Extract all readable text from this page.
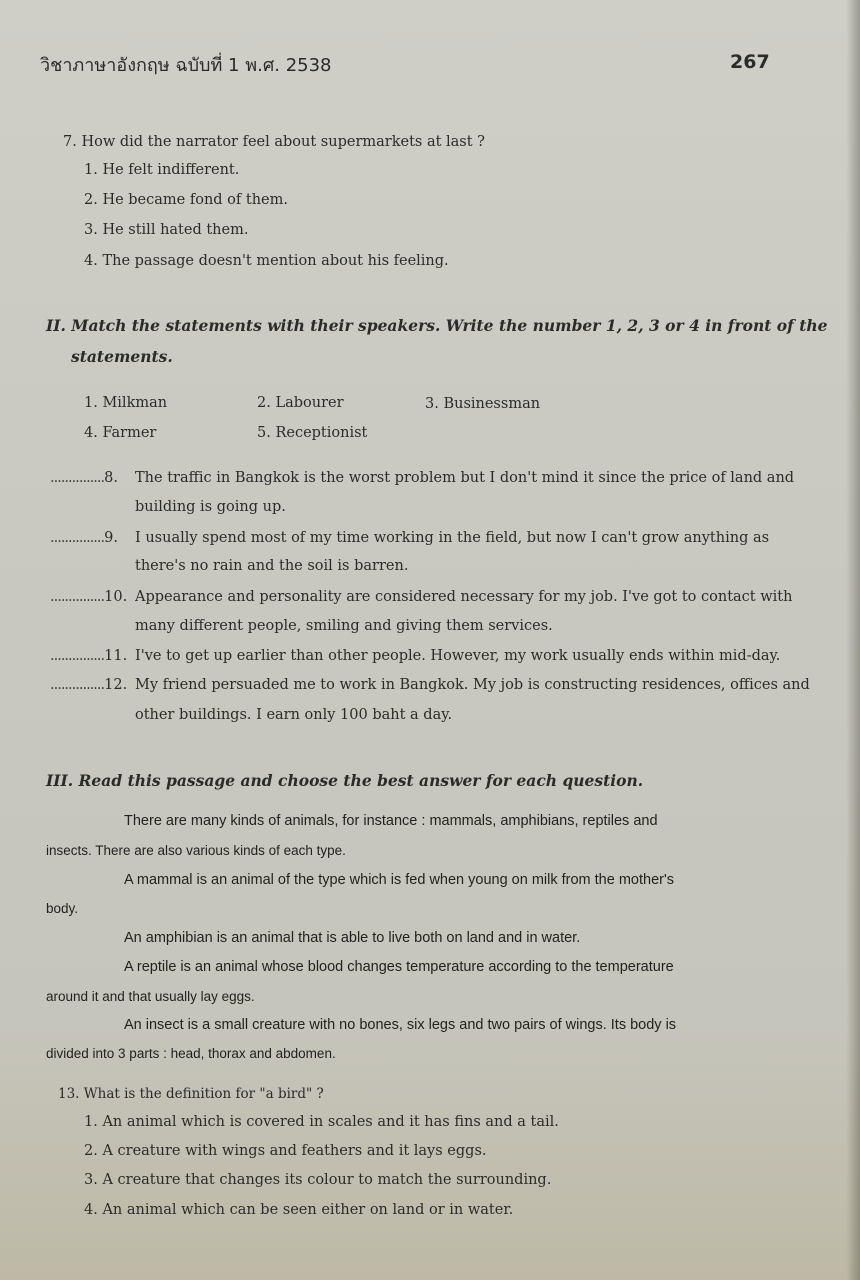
วิชาภาษาอังกฤษ ฉบับที่ 1 พ.ศ. 2538	267
7. How did the narrator feel about supermarkets at last ?
1. He felt indifferent.
2. He became fond of them.
3. He still hated them.
4. The passage doesn't mention about his feeling.
II. Match the statements with their speakers. Write the number 1, 2, 3 or 4 in front of the
statements.
1. Milkman	2. Labourer	3. Businessman
4. Farmer	5. Receptionist
...............8. The traffic in Bangkok is the worst problem but I don't mind it since the price of land and
building is going up.
...............9. I usually spend most of my time working in the field, but now I can't grow anything as
there's no rain and the soil is barren.
...............10. Appearance and personality are considered necessary for my job. I've got to contact with
many different people, smiling and giving them services.
...............11. I've to get up earlier than other people. However, my work usually ends within mid-day.
...............12. My friend persuaded me to work in Bangkok. My job is constructing residences, offices and
other buildings. I earn only 100 baht a day.
III. Read this passage and choose the best answer for each question.
There are many kinds of animals, for instance : mammals, amphibians, reptiles and
insects. There are also various kinds of each type.
A mammal is an animal of the type which is fed when young on milk from the mother's
body.
An amphibian is an animal that is able to live both on land and in water.
A reptile is an animal whose blood changes temperature according to the temperature
around it and that usually lay eggs.
An insect is a small creature with no bones, six legs and two pairs of wings. Its body is
divided into 3 parts : head, thorax and abdomen.
13. What is the definition for "a bird" ?
1. An animal which is covered in scales and it has fins and a tail.
2. A creature with wings and feathers and it lays eggs.
3. A creature that changes its colour to match the surrounding.
4. An animal which can be seen either on land or in water.
